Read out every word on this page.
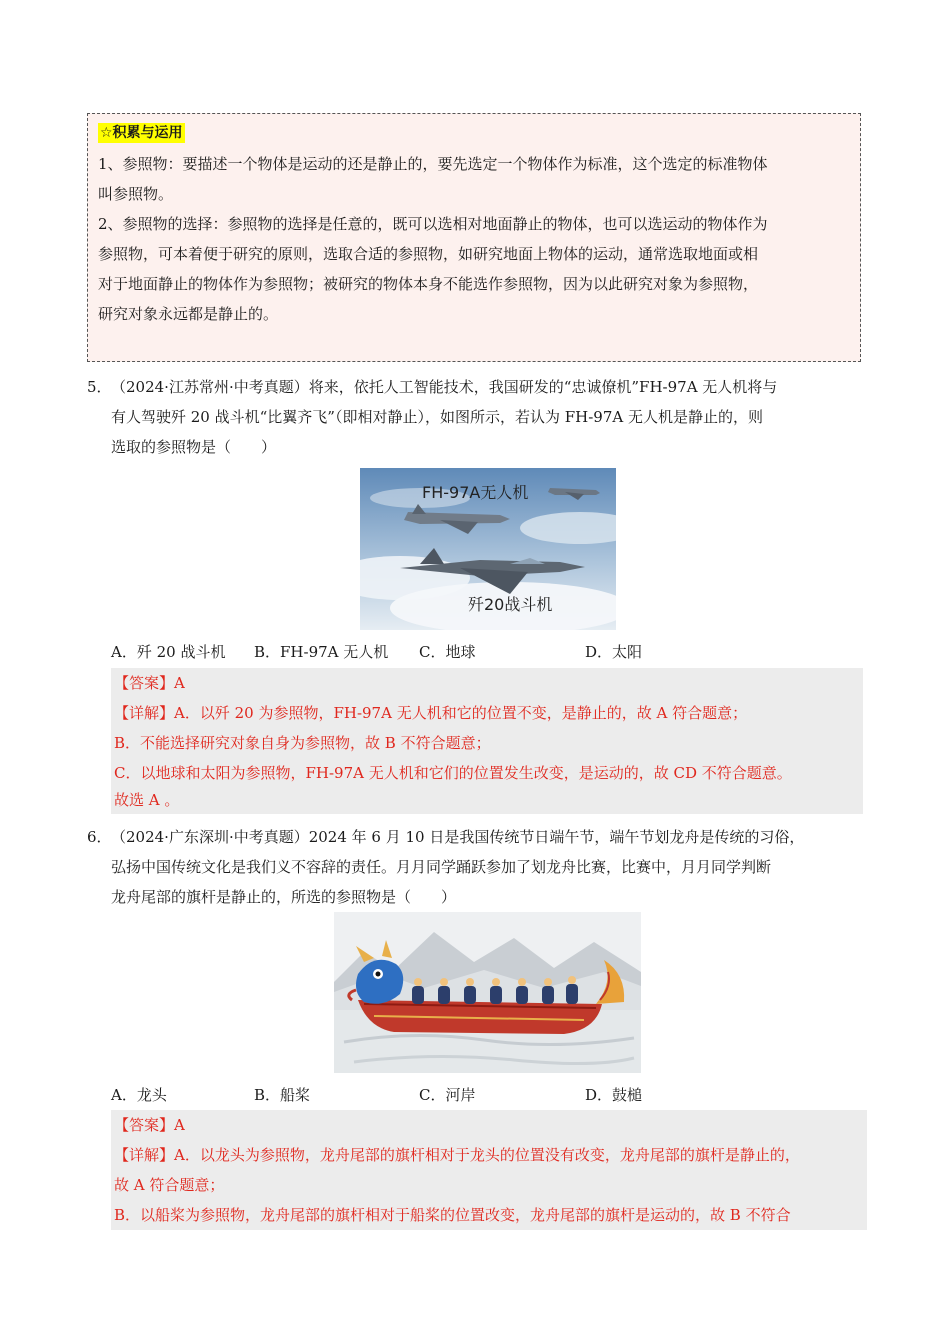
☆积累与运用
1、参照物：要描述一个物体是运动的还是静止的，要先选定一个物体作为标准，这个选定的标准物体
叫参照物。
2、参照物的选择：参照物的选择是任意的，既可以选相对地面静止的物体，也可以选运动的物体作为
参照物，可本着便于研究的原则，选取合适的参照物，如研究地面上物体的运动，通常选取地面或相
对于地面静止的物体作为参照物；被研究的物体本身不能选作参照物，因为以此研究对象为参照物，
研究对象永远都是静止的。
5． （2024·江苏常州·中考真题）将来，依托人工智能技术，我国研发的“忠诚僚机”FH-97A 无人机将与
有人驾驶歼 20 战斗机“比翼齐飞”（即相对静止），如图所示，若认为 FH-97A 无人机是静止的，则
选取的参照物是（　　）
FH-97A无人机
歼20战斗机
A．歼 20 战斗机 B．FH-97A 无人机 C．地球	D．太阳
【答案】A
【详解】A．以歼 20 为参照物，FH-97A 无人机和它的位置不变，是静止的，故 A 符合题意；
B．不能选择研究对象自身为参照物，故 B 不符合题意；
C．以地球和太阳为参照物，FH-97A 无人机和它们的位置发生改变，是运动的，故 CD 不符合题意。
故选 A 。
6． （2024·广东深圳·中考真题）2024 年 6 月 10 日是我国传统节日端午节，端午节划龙舟是传统的习俗，
弘扬中国传统文化是我们义不容辞的责任。月月同学踊跃参加了划龙舟比赛，比赛中，月月同学判断
龙舟尾部的旗杆是静止的，所选的参照物是（　　）
A．龙头	B．船桨	C．河岸	D．鼓槌
【答案】A
【详解】A．以龙头为参照物，龙舟尾部的旗杆相对于龙头的位置没有改变，龙舟尾部的旗杆是静止的，
故 A 符合题意；
B．以船桨为参照物，龙舟尾部的旗杆相对于船桨的位置改变，龙舟尾部的旗杆是运动的，故 B 不符合
